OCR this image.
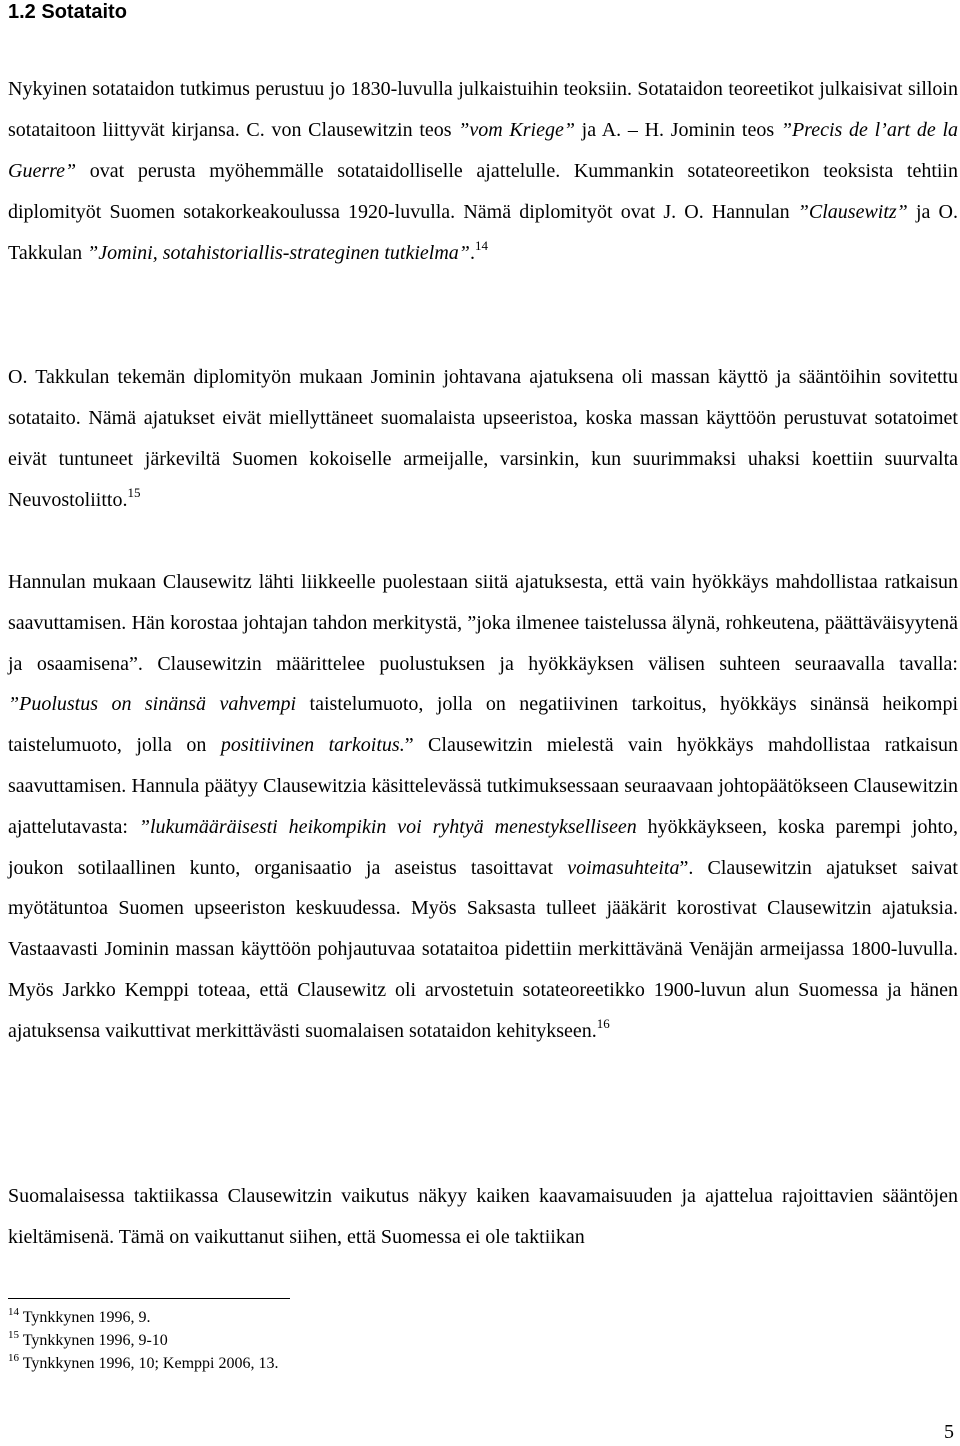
1.2 Sotataito

Nykyinen sotataidon tutkimus perustuu jo 1830-luvulla julkaistuihin teoksiin. Sotataidon teoreetikot julkaisivat silloin sotataitoon liittyvät kirjansa. C. von Clausewitzin teos ”vom Kriege” ja A. – H. Jominin teos ”Precis de l’art de la Guerre” ovat perusta myöhemmälle sotataidolliselle ajattelulle. Kummankin sotateoreetikon teoksista tehtiin diplomityöt Suomen sotakorkeakoulussa 1920-luvulla. Nämä diplomityöt ovat J. O. Hannulan ”Clausewitz” ja O. Takkulan ”Jomini, sotahistoriallis-strateginen tutkielma”.$^{14}$

O. Takkulan tekemän diplomityön mukaan Jominin johtavana ajatuksena oli massan käyttö ja sääntöihin sovitettu sotataito. Nämä ajatukset eivät miellyttäneet suomalaista upseeristoa, koska massan käyttöön perustuvat sotatoimet eivät tuntuneet järkeviltä Suomen kokoiselle armeijalle, varsinkin, kun suurimmaksi uhaksi koettiin suurvalta Neuvostoliitto.$^{15}$

Hannulan mukaan Clausewitz lähti liikkeelle puolestaan siitä ajatuksesta, että vain hyökkäys mahdollistaa ratkaisun saavuttamisen. Hän korostaa johtajan tahdon merkitystä, ”joka ilmenee taistelussa älynä, rohkeutena, päättäväisyytenä ja osaamisena”. Clausewitzin määrittelee puolustuksen ja hyökkäyksen välisen suhteen seuraavalla tavalla: ”Puolustus on sinänsä vahvempi taistelumuoto, jolla on negatiivinen tarkoitus, hyökkäys sinänsä heikompi taistelumuoto, jolla on positiivinen tarkoitus.” Clausewitzin mielestä vain hyökkäys mahdollistaa ratkaisun saavuttamisen. Hannula päätyy Clausewitzia käsittelevässä tutkimuksessaan seuraavaan johtopäätökseen Clausewitzin ajattelutavasta: ”lukumääräisesti heikompikin voi ryhtyä menestykselliseen hyökkäykseen, koska parempi johto, joukon sotilaallinen kunto, organisaatio ja aseistus tasoittavat voimasuhteita”. Clausewitzin ajatukset saivat myötätuntoa Suomen upseeriston keskuudessa. Myös Saksasta tulleet jääkärit korostivat Clausewitzin ajatuksia. Vastaavasti Jominin massan käyttöön pohjautuvaa sotataitoa pidettiin merkittävänä Venäjän armeijassa 1800-luvulla. Myös Jarkko Kemppi toteaa, että Clausewitz oli arvostetuin sotateoreetikko 1900-luvun alun Suomessa ja hänen ajatuksensa vaikuttivat merkittävästi suomalaisen sotataidon kehitykseen.$^{16}$

Suomalaisessa taktiikassa Clausewitzin vaikutus näkyy kaiken kaavamaisuuden ja ajattelua rajoittavien sääntöjen kieltämisenä. Tämä on vaikuttanut siihen, että Suomessa ei ole taktiikan

$^{14}$ Tynkkynen 1996, 9.
$^{15}$ Tynkkynen 1996, 9-10
$^{16}$ Tynkkynen 1996, 10; Kemppi 2006, 13.
5
